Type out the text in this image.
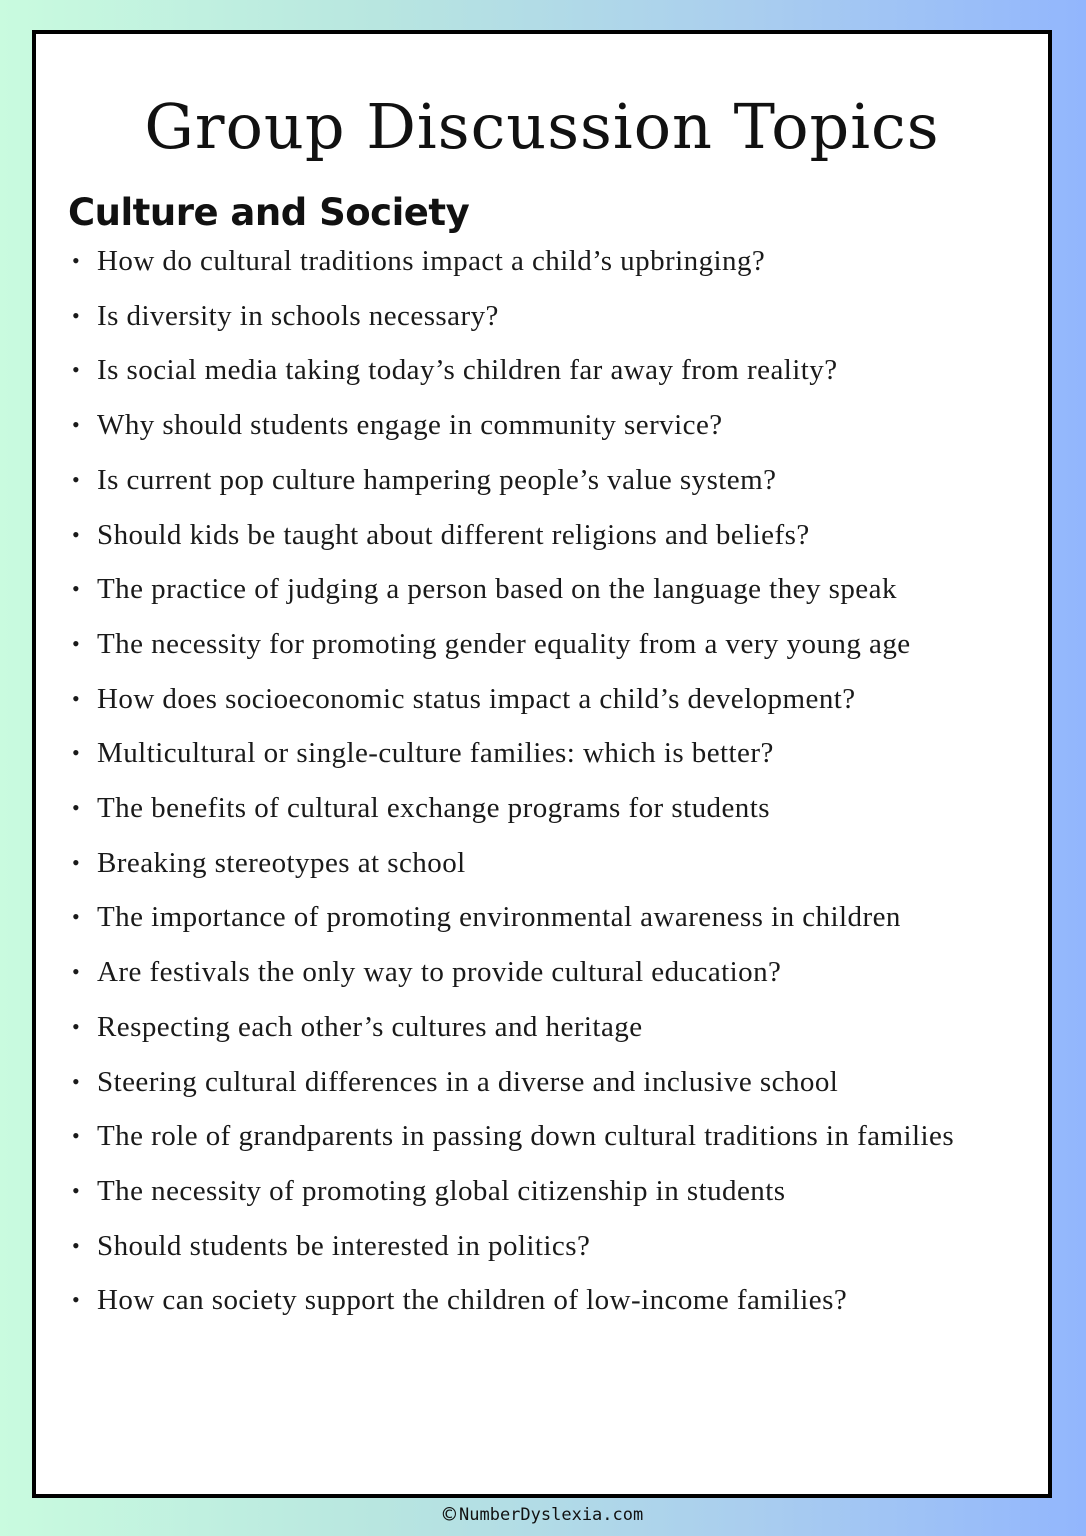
Group Discussion Topics
Culture and Society
• How do cultural traditions impact a child’s upbringing?
• Is diversity in schools necessary?
• Is social media taking today’s children far away from reality?
• Why should students engage in community service?
• Is current pop culture hampering people’s value system?
• Should kids be taught about different religions and beliefs?
• The practice of judging a person based on the language they speak
• The necessity for promoting gender equality from a very young age
• How does socioeconomic status impact a child’s development?
• Multicultural or single-culture families: which is better?
• The benefits of cultural exchange programs for students
• Breaking stereotypes at school
• The importance of promoting environmental awareness in children
• Are festivals the only way to provide cultural education?
• Respecting each other’s cultures and heritage
• Steering cultural differences in a diverse and inclusive school
• The role of grandparents in passing down cultural traditions in families
• The necessity of promoting global citizenship in students
• Should students be interested in politics?
• How can society support the children of low-income families?
© NumberDyslexia.com
